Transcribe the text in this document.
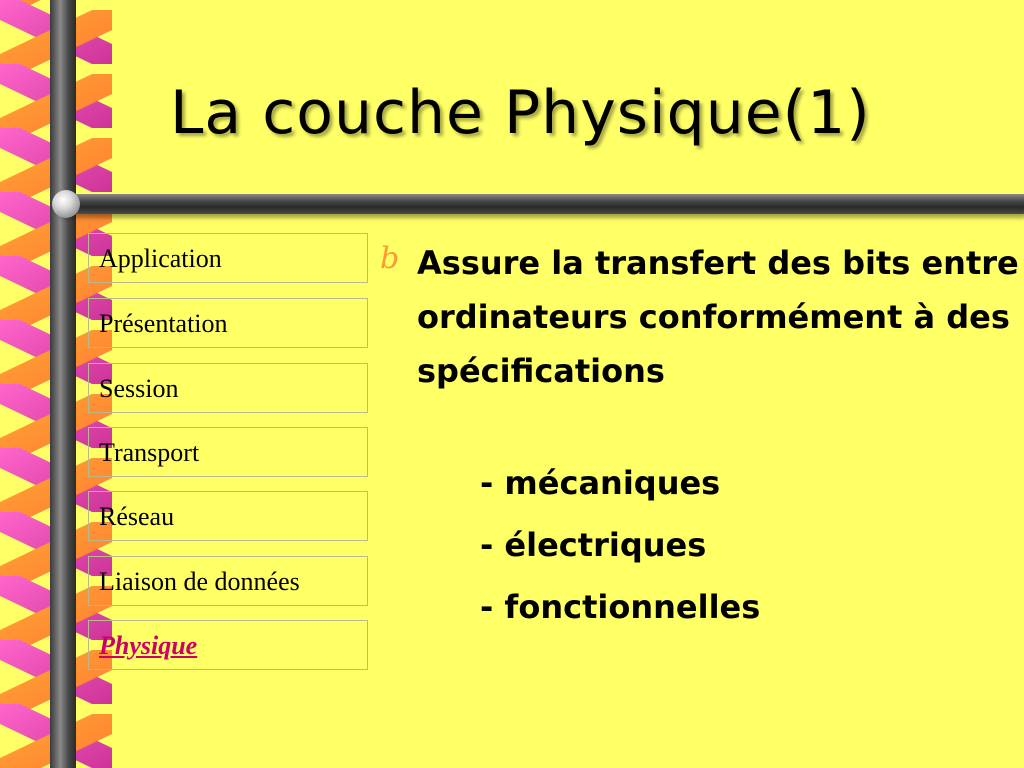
La couche Physique(1)
Application
Présentation
Session
Transport
Réseau
Liaison de données
Physique
b Assure la transfert des bits entre ordinateurs conformément à des spécifications
- mécaniques
- électriques
- fonctionnelles
